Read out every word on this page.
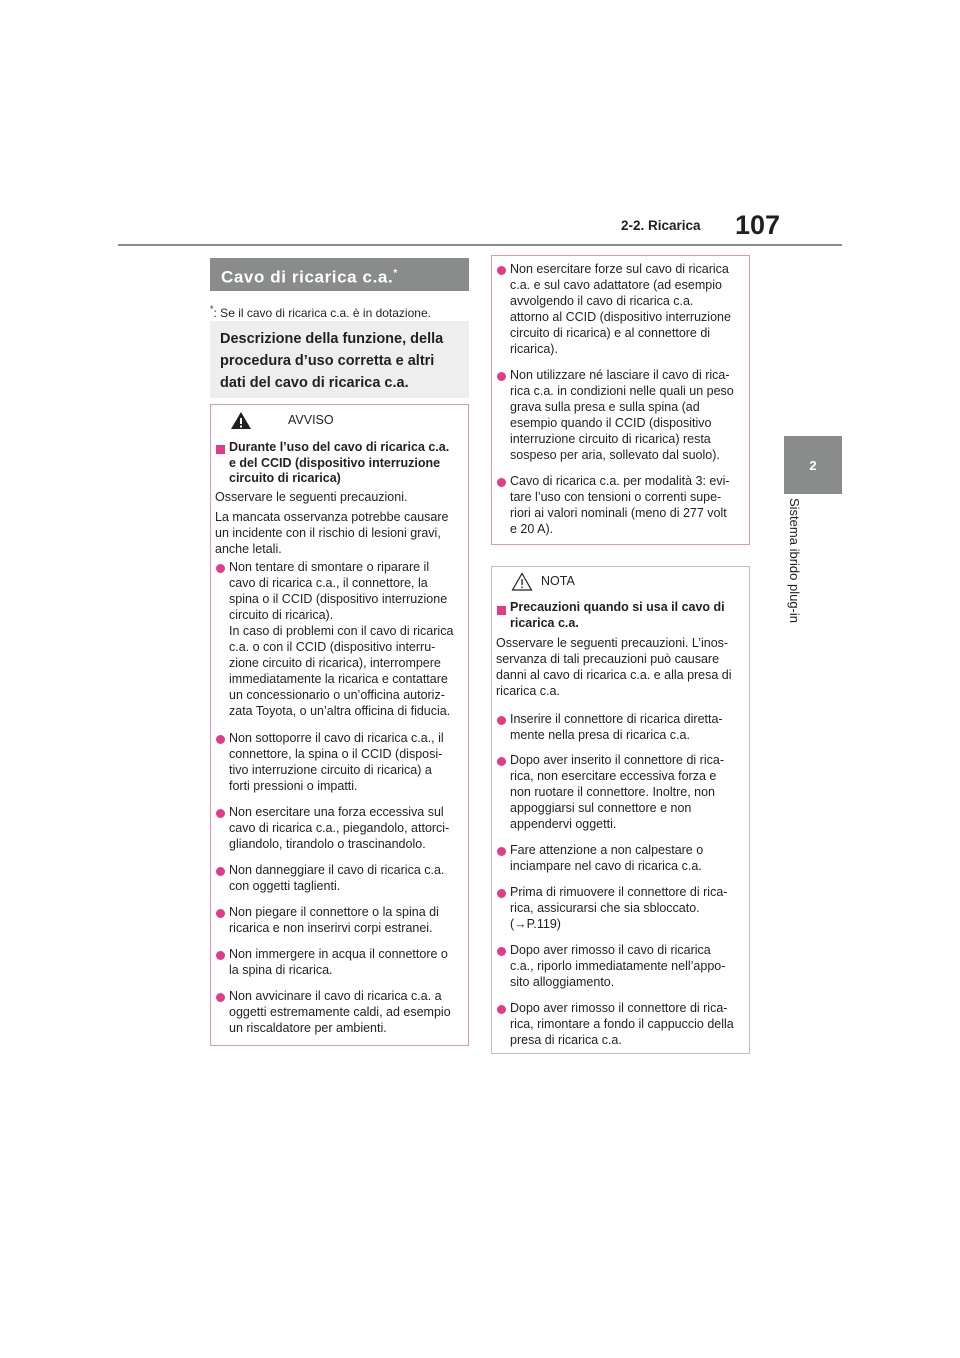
2-2. Ricarica 107
2
Sistema ibrido plug-in
Cavo di ricarica c.a.*
*: Se il cavo di ricarica c.a. è in dotazione.
Descrizione della funzione, della
procedura d’uso corretta e altri
dati del cavo di ricarica c.a.
AVVISO
Durante l’uso del cavo di ricarica c.a.
e del CCID (dispositivo interruzione
circuito di ricarica)
Osservare le seguenti precauzioni.
La mancata osservanza potrebbe causare
un incidente con il rischio di lesioni gravi,
anche letali.
Non tentare di smontare o riparare il
cavo di ricarica c.a., il connettore, la
spina o il CCID (dispositivo interruzione
circuito di ricarica).
In caso di problemi con il cavo di ricarica
c.a. o con il CCID (dispositivo interru-
zione circuito di ricarica), interrompere
immediatamente la ricarica e contattare
un concessionario o un’officina autoriz-
zata Toyota, o un’altra officina di fiducia.
Non sottoporre il cavo di ricarica c.a., il
connettore, la spina o il CCID (disposi-
tivo interruzione circuito di ricarica) a
forti pressioni o impatti.
Non esercitare una forza eccessiva sul
cavo di ricarica c.a., piegandolo, attorci-
gliandolo, tirandolo o trascinandolo.
Non danneggiare il cavo di ricarica c.a.
con oggetti taglienti.
Non piegare il connettore o la spina di
ricarica e non inserirvi corpi estranei.
Non immergere in acqua il connettore o
la spina di ricarica.
Non avvicinare il cavo di ricarica c.a. a
oggetti estremamente caldi, ad esempio
un riscaldatore per ambienti.
Non esercitare forze sul cavo di ricarica
c.a. e sul cavo adattatore (ad esempio
avvolgendo il cavo di ricarica c.a.
attorno al CCID (dispositivo interruzione
circuito di ricarica) e al connettore di
ricarica).
Non utilizzare né lasciare il cavo di rica-
rica c.a. in condizioni nelle quali un peso
grava sulla presa e sulla spina (ad
esempio quando il CCID (dispositivo
interruzione circuito di ricarica) resta
sospeso per aria, sollevato dal suolo).
Cavo di ricarica c.a. per modalità 3: evi-
tare l’uso con tensioni o correnti supe-
riori ai valori nominali (meno di 277 volt
e 20 A).
NOTA
Precauzioni quando si usa il cavo di
ricarica c.a.
Osservare le seguenti precauzioni. L’inos-
servanza di tali precauzioni può causare
danni al cavo di ricarica c.a. e alla presa di
ricarica c.a.
Inserire il connettore di ricarica diretta-
mente nella presa di ricarica c.a.
Dopo aver inserito il connettore di rica-
rica, non esercitare eccessiva forza e
non ruotare il connettore. Inoltre, non
appoggiarsi sul connettore e non
appendervi oggetti.
Fare attenzione a non calpestare o
inciampare nel cavo di ricarica c.a.
Prima di rimuovere il connettore di rica-
rica, assicurarsi che sia sbloccato.
(→P.119)
Dopo aver rimosso il cavo di ricarica
c.a., riporlo immediatamente nell’appo-
sito alloggiamento.
Dopo aver rimosso il connettore di rica-
rica, rimontare a fondo il cappuccio della
presa di ricarica c.a.
